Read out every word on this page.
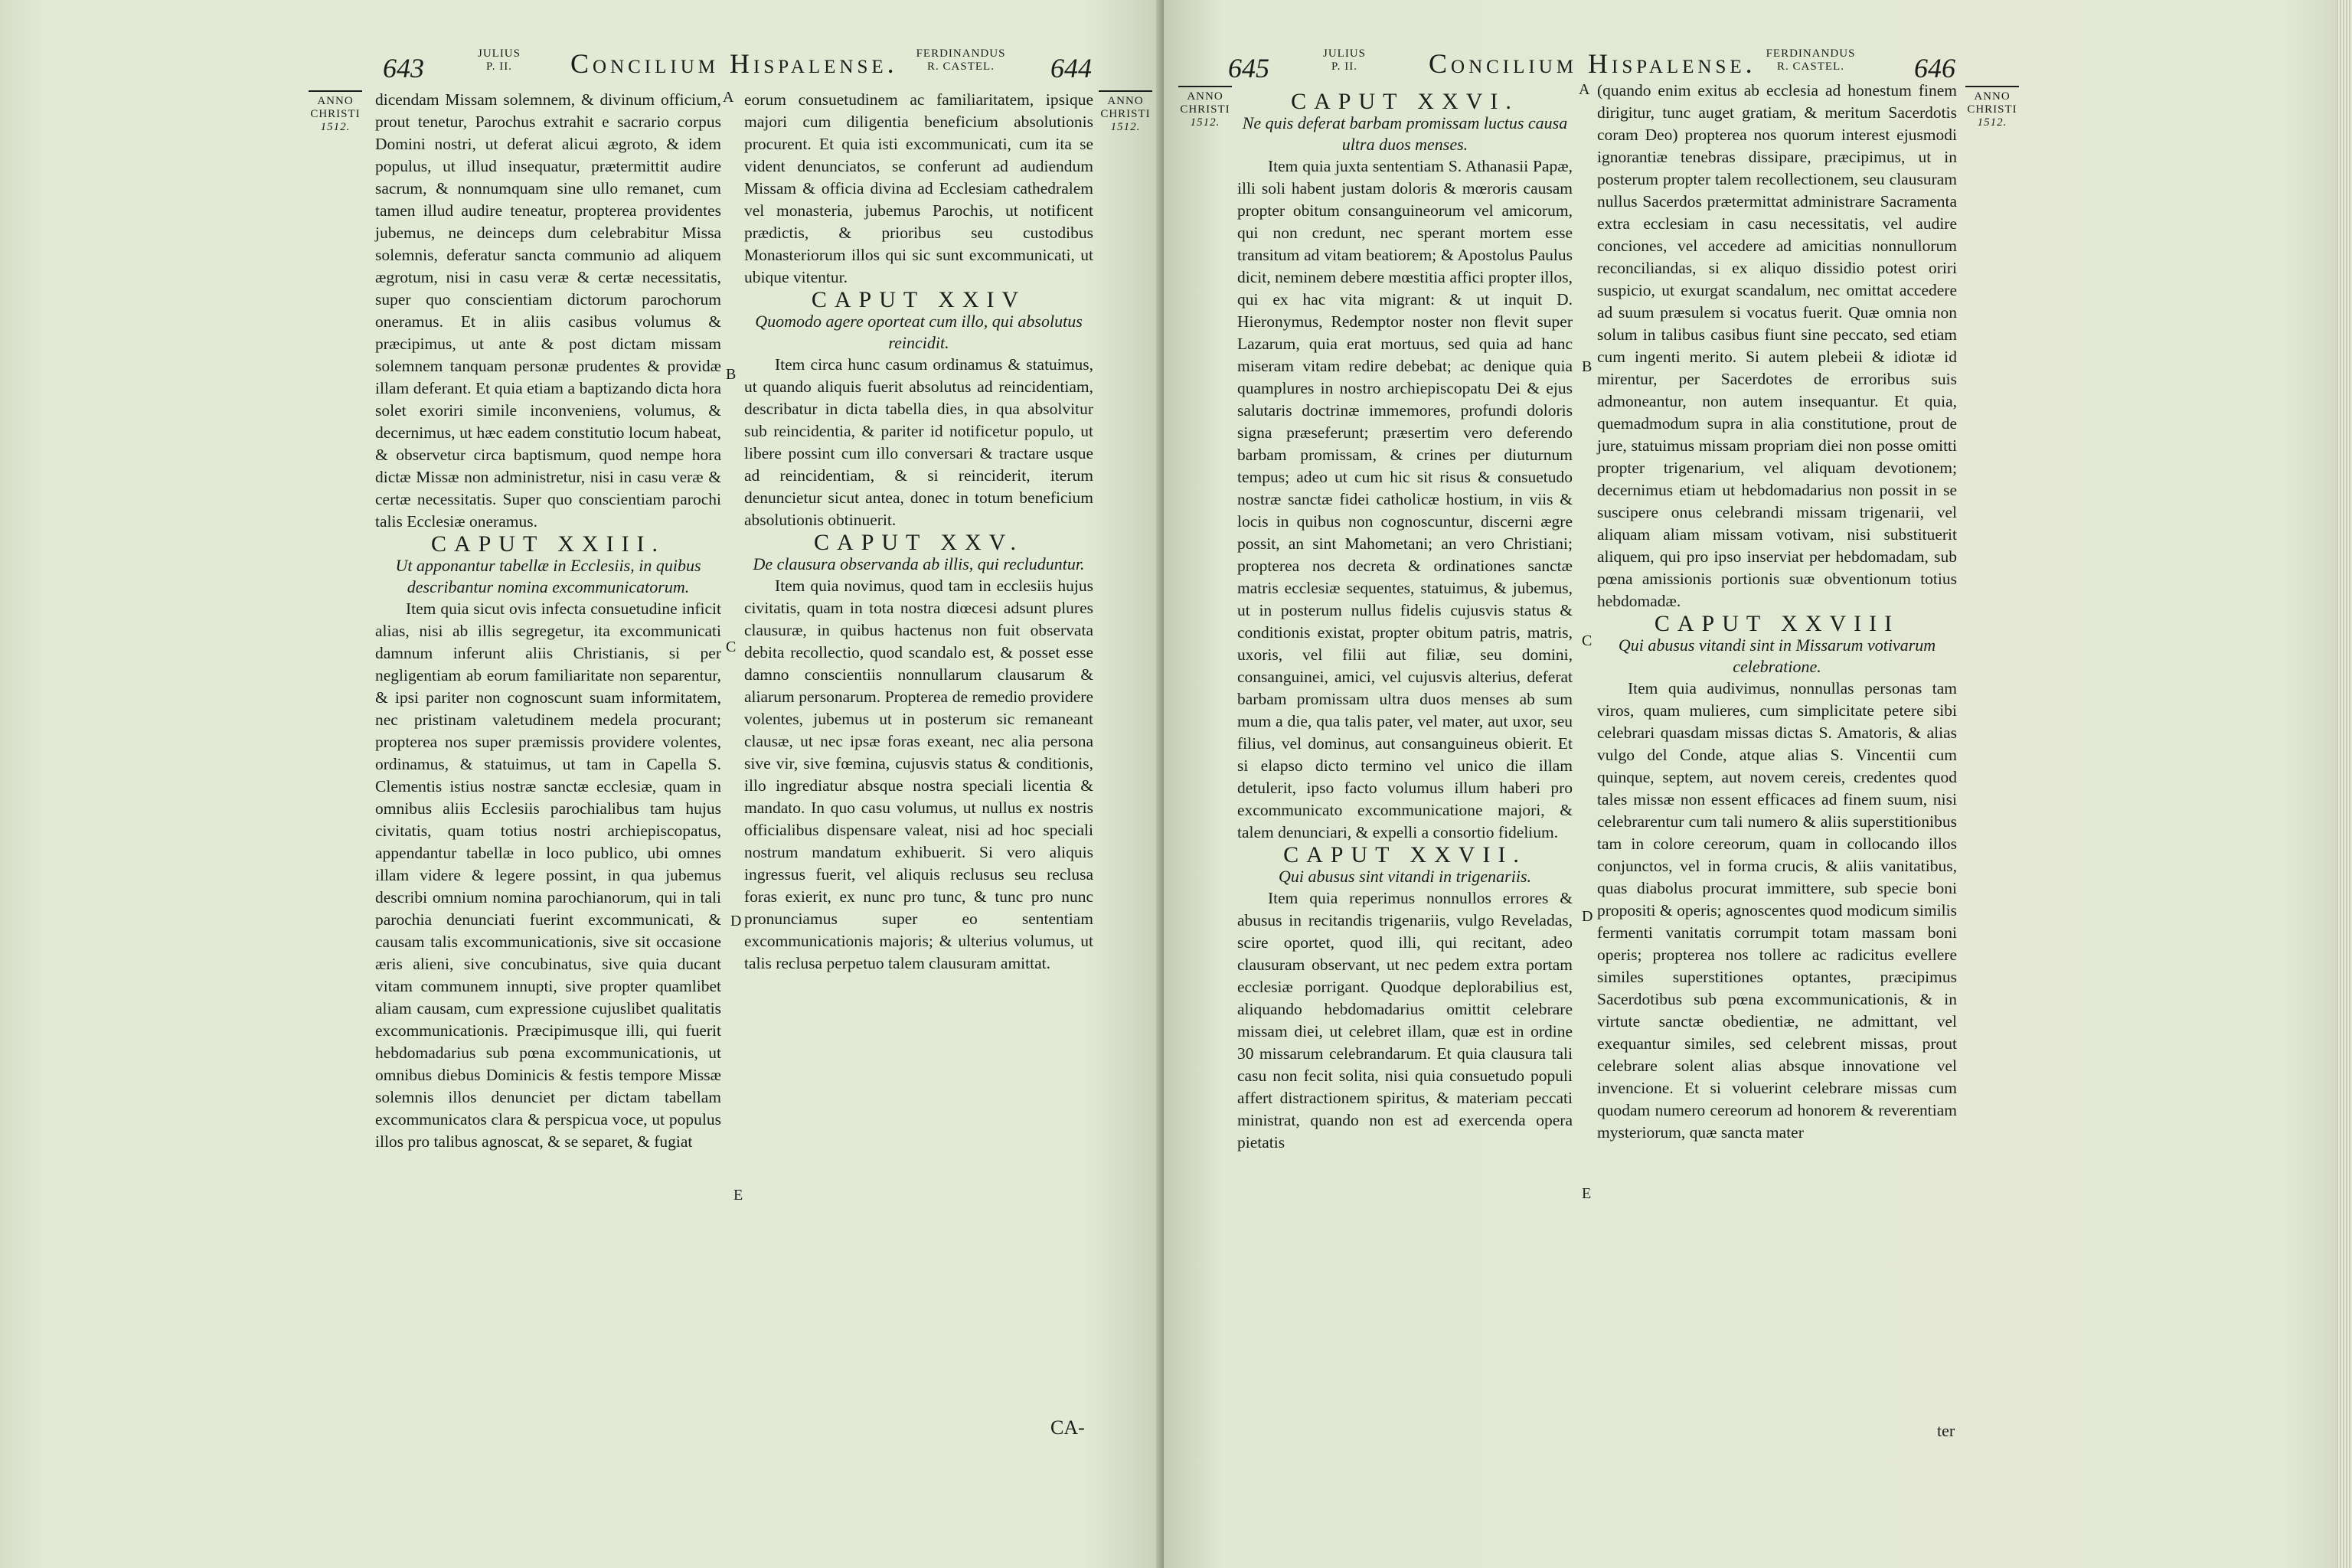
643	JULIUS
P. II.	Concilium Hispalense.	FERDINANDUS
R. CASTEL.	644
ANNO
CHRISTI
1512.
ANNO
CHRISTI
1512.
A
B
C
D
E

dicendam Missam solemnem, & divinum officium, prout tenetur, Parochus extrahit e sacrario corpus Domini nostri, ut deferat alicui ægroto, & idem populus, ut illud insequatur, prætermittit audire sacrum, & nonnumquam sine ullo remanet, cum tamen illud audire teneatur, propterea providentes jubemus, ne deinceps dum celebrabitur Missa solemnis, deferatur sancta communio ad aliquem ægrotum, nisi in casu veræ & certæ necessitatis, super quo conscientiam dictorum parochorum oneramus. Et in aliis casibus volumus & præcipimus, ut ante & post dictam missam solemnem tanquam personæ prudentes & providæ illam deferant. Et quia etiam a baptizando dicta hora solet exoriri simile inconveniens, volumus, & decernimus, ut hæc eadem constitutio locum habeat, & observetur circa baptismum, quod nempe hora dictæ Missæ non administretur, nisi in casu veræ & certæ necessitatis. Super quo conscientiam parochi talis Ecclesiæ oneramus.

CAPUT XXIII.

Ut apponantur tabellæ in Ecclesiis, in quibus describantur nomina excommunicatorum.

Item quia sicut ovis infecta consuetudine inficit alias, nisi ab illis segregetur, ita excommunicati damnum inferunt aliis Christianis, si per negligentiam ab eorum familiaritate non separentur, & ipsi pariter non cognoscunt suam informitatem, nec pristinam valetudinem medela procurant; propterea nos super præmissis providere volentes, ordinamus, & statuimus, ut tam in Capella S. Clementis istius nostræ sanctæ ecclesiæ, quam in omnibus aliis Ecclesiis parochialibus tam hujus civitatis, quam totius nostri archiepiscopatus, appendantur tabellæ in loco publico, ubi omnes illam videre & legere possint, in qua jubemus describi omnium nomina parochianorum, qui in tali parochia denunciati fuerint excommunicati, & causam talis excommunicationis, sive sit occasione æris alieni, sive concubinatus, sive quia ducant vitam communem innupti, sive propter quamlibet aliam causam, cum expressione cujuslibet qualitatis excommunicationis. Præcipimusque illi, qui fuerit hebdomadarius sub pœna excommunicationis, ut omnibus diebus Dominicis & festis tempore Missæ solemnis illos denunciet per dictam tabellam excommunicatos clara & perspicua voce, ut populus illos pro talibus agnoscat, & se separet, & fugiat

eorum consuetudinem ac familiaritatem, ipsique majori cum diligentia beneficium absolutionis procurent. Et quia isti excommunicati, cum ita se vident denunciatos, se conferunt ad audiendum Missam & officia divina ad Ecclesiam cathedralem vel monasteria, jubemus Parochis, ut notificent prædictis, & prioribus seu custodibus Monasteriorum illos qui sic sunt excommunicati, ut ubique vitentur.

CAPUT XXIV

Quomodo agere oporteat cum illo, qui absolutus reincidit.

Item circa hunc casum ordinamus & statuimus, ut quando aliquis fuerit absolutus ad reincidentiam, describatur in dicta tabella dies, in qua absolvitur sub reincidentia, & pariter id notificetur populo, ut libere possint cum illo conversari & tractare usque ad reincidentiam, & si reinciderit, iterum denuncietur sicut antea, donec in totum beneficium absolutionis obtinuerit.

CAPUT XXV.

De clausura observanda ab illis, qui recluduntur.

Item quia novimus, quod tam in ecclesiis hujus civitatis, quam in tota nostra diœcesi adsunt plures clausuræ, in quibus hactenus non fuit observata debita recollectio, quod scandalo est, & posset esse damno conscientiis nonnullarum clausarum & aliarum personarum. Propterea de remedio providere volentes, jubemus ut in posterum sic remaneant clausæ, ut nec ipsæ foras exeant, nec alia persona sive vir, sive fœmina, cujusvis status & conditionis, illo ingrediatur absque nostra speciali licentia & mandato. In quo casu volumus, ut nullus ex nostris officialibus dispensare valeat, nisi ad hoc speciali nostrum mandatum exhibuerit. Si vero aliquis ingressus fuerit, vel aliquis reclusus seu reclusa foras exierit, ex nunc pro tunc, & tunc pro nunc pronunciamus super eo sententiam excommunicationis majoris; & ulterius volumus, ut talis reclusa perpetuo talem clausuram amittat.

CA-
645	JULIUS
P. II.	Concilium Hispalense. FERDINANDUS
R. CASTEL.	646
ANNO
CHRISTI
1512.
ANNO
CHRISTI
1512.
A
B
C
D
E

CAPUT XXVI.

Ne quis deferat barbam promissam luctus causa ultra duos menses.

Item quia juxta sententiam S. Athanasii Papæ, illi soli habent justam doloris & mœroris causam propter obitum consanguineorum vel amicorum, qui non credunt, nec sperant mortem esse transitum ad vitam beatiorem; & Apostolus Paulus dicit, neminem debere mœstitia affici propter illos, qui ex hac vita migrant: & ut inquit D. Hieronymus, Redemptor noster non flevit super Lazarum, quia erat mortuus, sed quia ad hanc miseram vitam redire debebat; ac denique quia quamplures in nostro archiepiscopatu Dei & ejus salutaris doctrinæ immemores, profundi doloris signa præseferunt; præsertim vero deferendo barbam promissam, & crines per diuturnum tempus; adeo ut cum hic sit risus & consuetudo nostræ sanctæ fidei catholicæ hostium, in viis & locis in quibus non cognoscuntur, discerni ægre possit, an sint Mahometani; an vero Christiani; propterea nos decreta & ordinationes sanctæ matris ecclesiæ sequentes, statuimus, & jubemus, ut in posterum nullus fidelis cujusvis status & conditionis existat, propter obitum patris, matris, uxoris, vel filii aut filiæ, seu domini, consanguinei, amici, vel cujusvis alterius, deferat barbam promissam ultra duos menses ab sum mum a die, qua talis pater, vel mater, aut uxor, seu filius, vel dominus, aut consanguineus obierit. Et si elapso dicto termino vel unico die illam detulerit, ipso facto volumus illum haberi pro excommunicato excommunicatione majori, & talem denunciari, & expelli a consortio fidelium.

CAPUT XXVII.

Qui abusus sint vitandi in trigenariis.

Item quia reperimus nonnullos errores & abusus in recitandis trigenariis, vulgo Reveladas, scire oportet, quod illi, qui recitant, adeo clausuram observant, ut nec pedem extra portam ecclesiæ porrigant. Quodque deplorabilius est, aliquando hebdomadarius omittit celebrare missam diei, ut celebret illam, quæ est in ordine 30 missarum celebrandarum. Et quia clausura tali casu non fecit solita, nisi quia consuetudo populi affert distractionem spiritus, & materiam peccati ministrat, quando non est ad exercenda opera pietatis

(quando enim exitus ab ecclesia ad honestum finem dirigitur, tunc auget gratiam, & meritum Sacerdotis coram Deo) propterea nos quorum interest ejusmodi ignorantiæ tenebras dissipare, præcipimus, ut in posterum propter talem recollectionem, seu clausuram nullus Sacerdos prætermittat administrare Sacramenta extra ecclesiam in casu necessitatis, vel audire conciones, vel accedere ad amicitias nonnullorum reconciliandas, si ex aliquo dissidio potest oriri suspicio, ut exurgat scandalum, nec omittat accedere ad suum præsulem si vocatus fuerit. Quæ omnia non solum in talibus casibus fiunt sine peccato, sed etiam cum ingenti merito. Si autem plebeii & idiotæ id mirentur, per Sacerdotes de erroribus suis admoneantur, non autem insequantur. Et quia, quemadmodum supra in alia constitutione, prout de jure, statuimus missam propriam diei non posse omitti propter trigenarium, vel aliquam devotionem; decernimus etiam ut hebdomadarius non possit in se suscipere onus celebrandi missam trigenarii, vel aliquam aliam missam votivam, nisi substituerit aliquem, qui pro ipso inserviat per hebdomadam, sub pœna amissionis portionis suæ obventionum totius hebdomadæ.

CAPUT XXVIII

Qui abusus vitandi sint in Missarum votivarum celebratione.

Item quia audivimus, nonnullas personas tam viros, quam mulieres, cum simplicitate petere sibi celebrari quasdam missas dictas S. Amatoris, & alias vulgo del Conde, atque alias S. Vincentii cum quinque, septem, aut novem cereis, credentes quod tales missæ non essent efficaces ad finem suum, nisi celebrarentur cum tali numero & aliis superstitionibus tam in colore cereorum, quam in collocando illos conjunctos, vel in forma crucis, & aliis vanitatibus, quas diabolus procurat immittere, sub specie boni propositi & operis; agnoscentes quod modicum similis fermenti vanitatis corrumpit totam massam boni operis; propterea nos tollere ac radicitus evellere similes superstitiones optantes, præcipimus Sacerdotibus sub pœna excommunicationis, & in virtute sanctæ obedientiæ, ne admittant, vel exequantur similes, sed celebrent missas, prout celebrare solent alias absque innovatione vel invencione. Et si voluerint celebrare missas cum quodam numero cereorum ad honorem & reverentiam mysteriorum, quæ sancta mater

ter
